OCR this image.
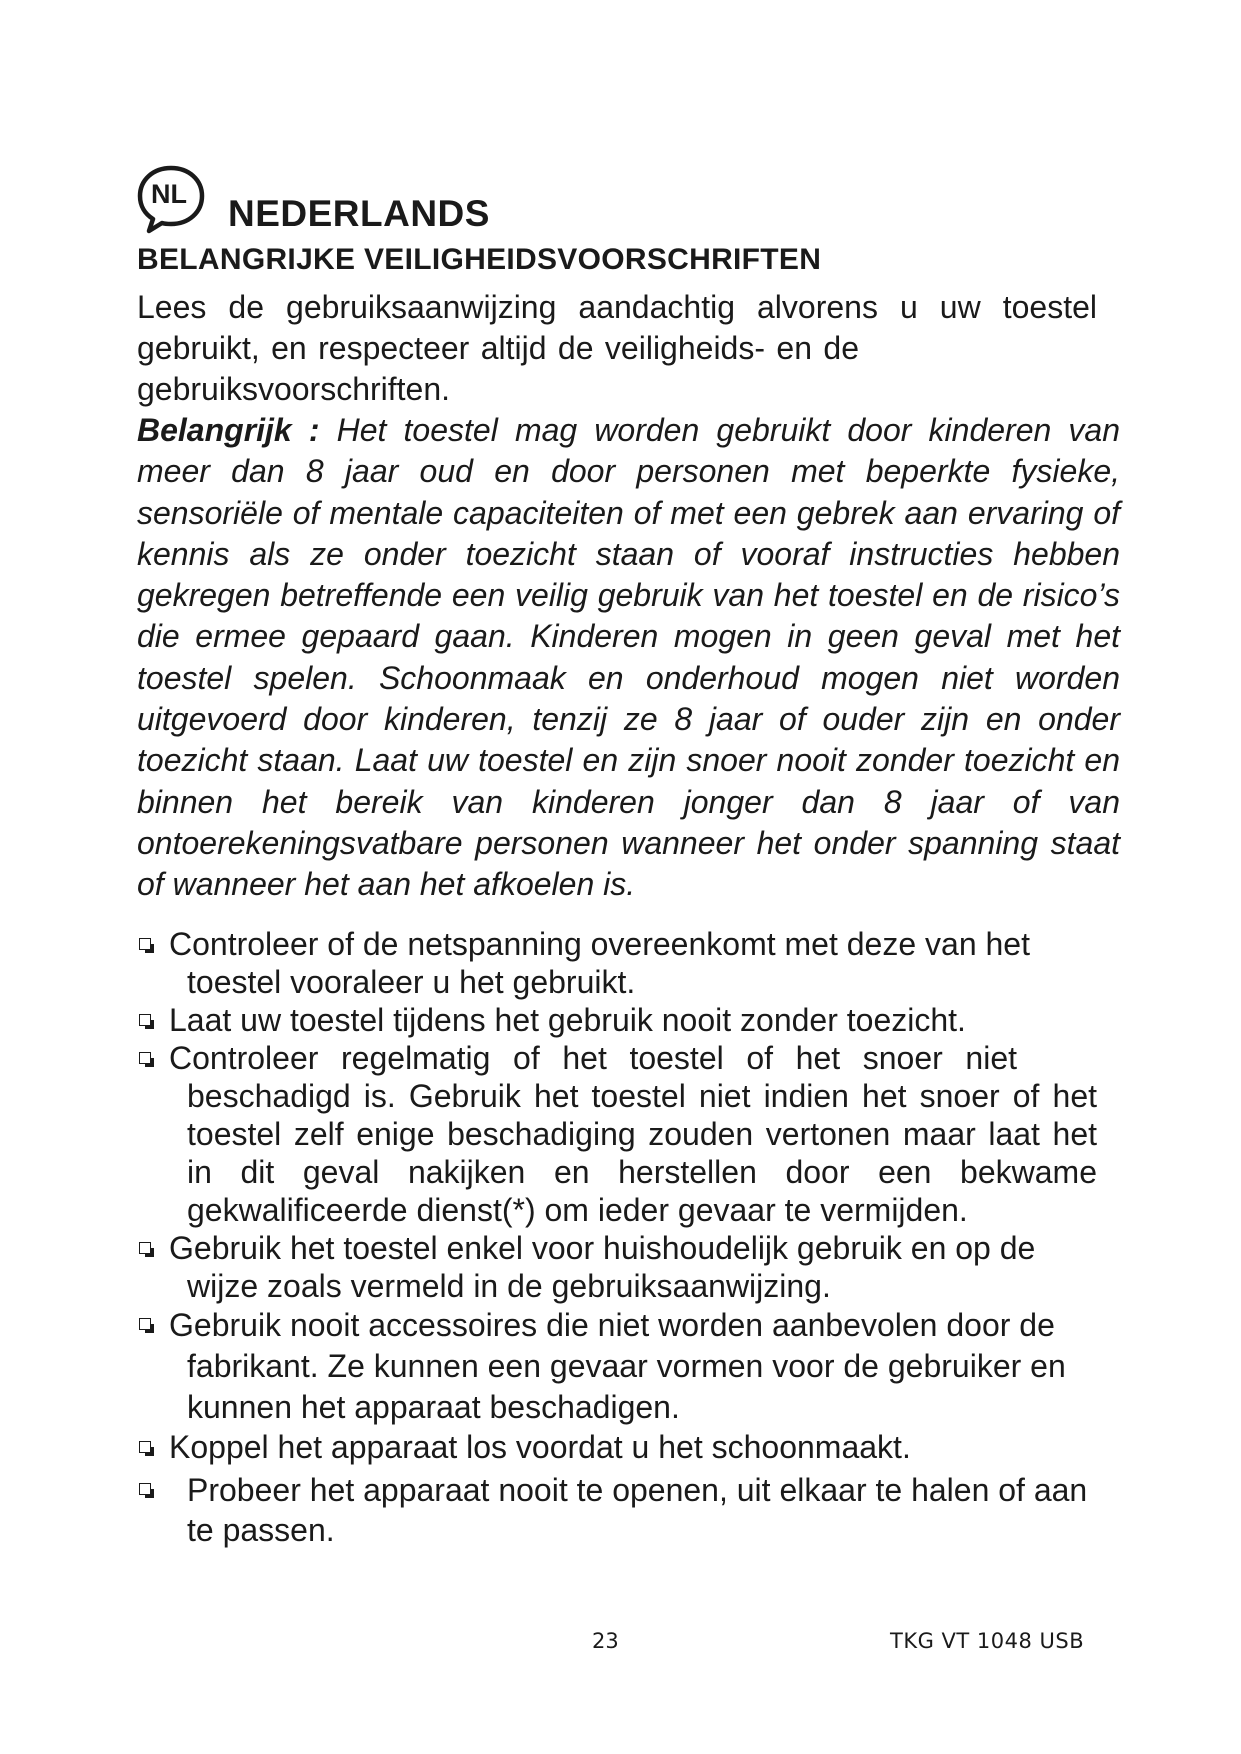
NL	NEDERLANDS
BELANGRIJKE VEILIGHEIDSVOORSCHRIFTEN

Lees de gebruiksaanwijzing aandachtig alvorens u uw toestel
gebruikt, en respecteer altijd de veiligheids- en de
gebruiksvoorschriften.

Belangrijk : Het toestel mag worden gebruikt door kinderen van meer dan 8 jaar oud en door personen met beperkte fysieke, sensoriële of mentale capaciteiten of met een gebrek aan ervaring of kennis als ze onder toezicht staan of vooraf instructies hebben gekregen betreffende een veilig gebruik van het toestel en de risico’s die ermee gepaard gaan. Kinderen mogen in geen geval met het toestel spelen. Schoonmaak en onderhoud mogen niet worden uitgevoerd door kinderen, tenzij ze 8 jaar of ouder zijn en onder toezicht staan. Laat uw toestel en zijn snoer nooit zonder toezicht en binnen het bereik van kinderen jonger dan 8 jaar of van ontoerekeningsvatbare personen wanneer het onder spanning staat of wanneer het aan het afkoelen is.

Controleer of de netspanning overeenkomt met deze van het
toestel vooraleer u het gebruikt.
Laat uw toestel tijdens het gebruik nooit zonder toezicht.
Controleer regelmatig of het toestel of het snoer niet
beschadigd is. Gebruik het toestel niet indien het snoer of het toestel zelf enige beschadiging zouden vertonen maar laat het in dit geval nakijken en herstellen door een bekwame gekwalificeerde dienst(*) om ieder gevaar te vermijden.
Gebruik het toestel enkel voor huishoudelijk gebruik en op de
wijze zoals vermeld in de gebruiksaanwijzing.
Gebruik nooit accessoires die niet worden aanbevolen door de
fabrikant. Ze kunnen een gevaar vormen voor de gebruiker en kunnen het apparaat beschadigen.
Koppel het apparaat los voordat u het schoonmaakt.
Probeer het apparaat nooit te openen, uit elkaar te halen of aan
te passen.
23	TKG VT 1048 USB
